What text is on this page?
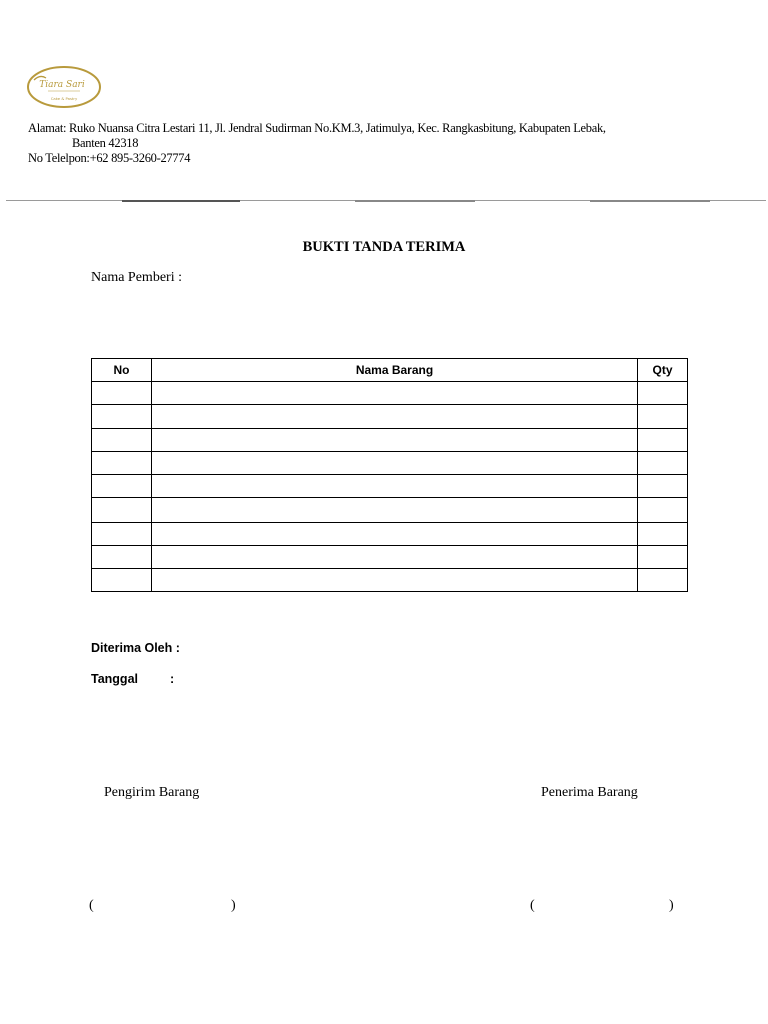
Tiara Sari
Cake & Pastry
Alamat: Ruko Nuansa Citra Lestari 11, Jl. Jendral Sudirman No.KM.3, Jatimulya, Kec. Rangkasbitung, Kabupaten Lebak,
Banten 42318
No Telelpon:+62 895-3260-27774
BUKTI TANDA TERIMA
Nama Pemberi :
No	Nama Barang	Qty

Diterima Oleh :
Tanggal	:
Pengirim Barang	Penerima Barang
(	)	(	)
